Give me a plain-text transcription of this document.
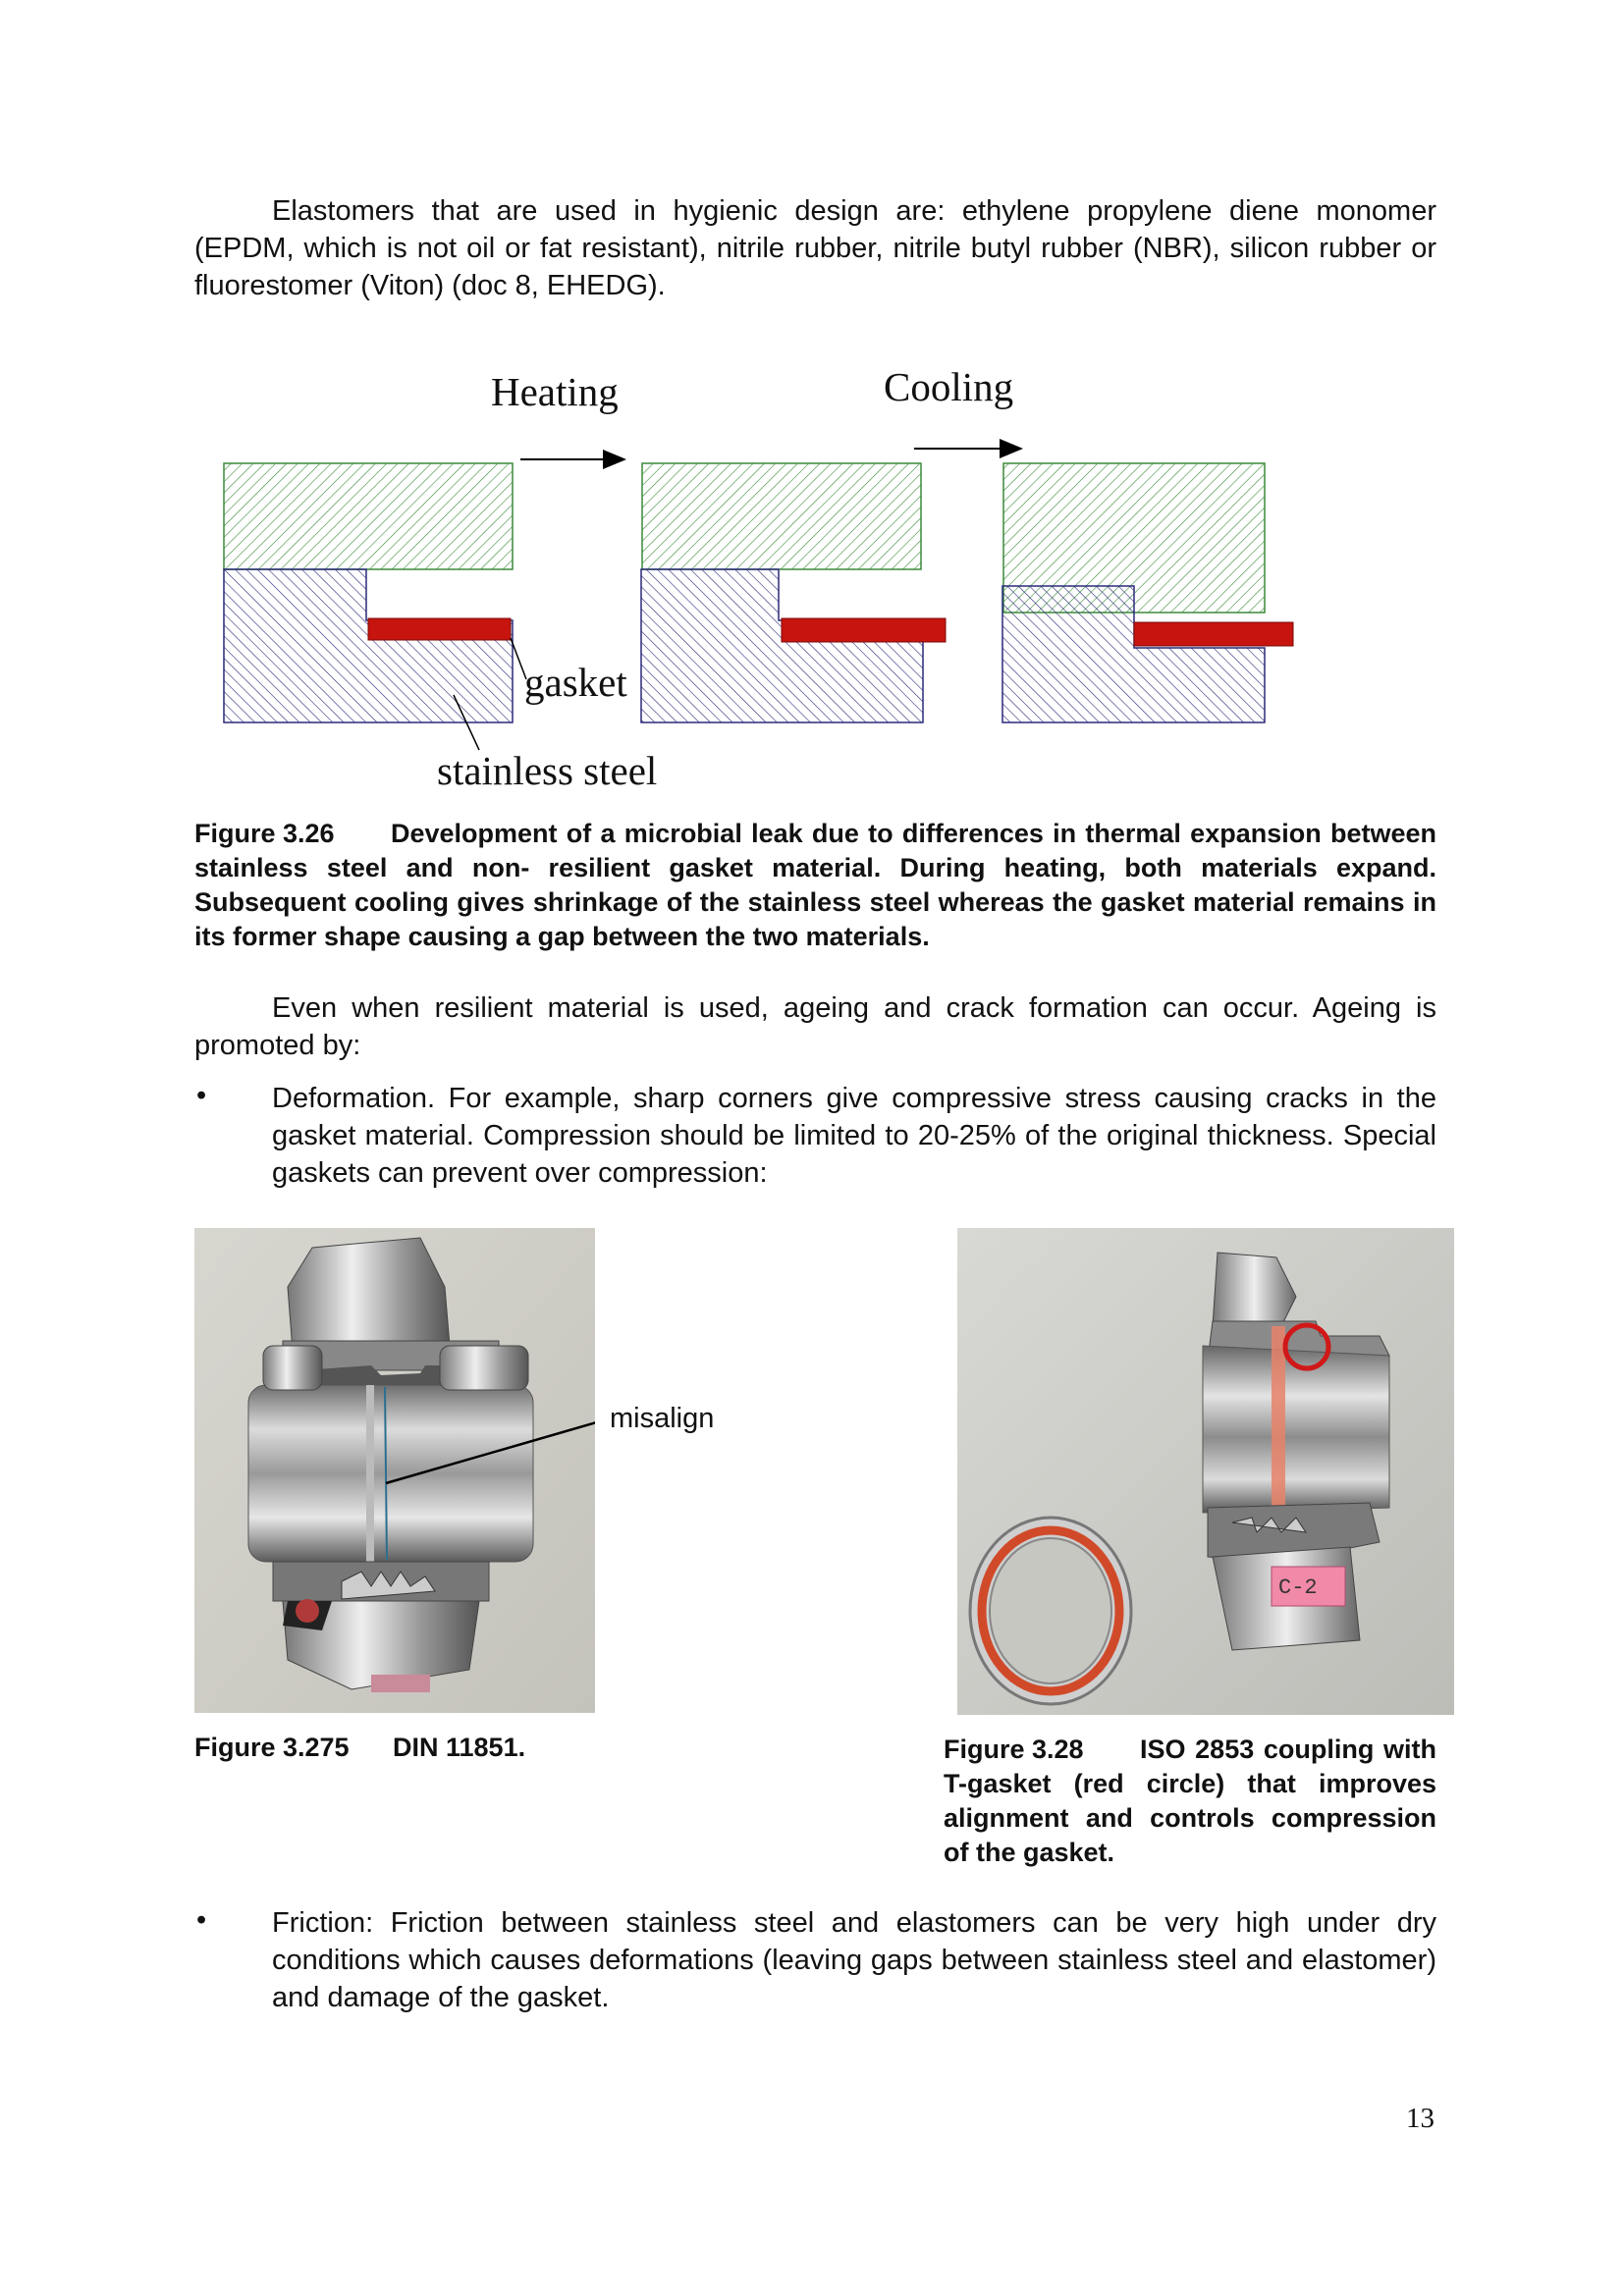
Elastomers that are used in hygienic design are: ethylene propylene diene monomer (EPDM, which is not oil or fat resistant), nitrile rubber, nitrile butyl rubber (NBR), silicon rubber or fluorestomer (Viton) (doc 8, EHEDG).
Heating	Cooling
gasket
stainless steel
Figure 3.26 Development of a microbial leak due to differences in thermal expansion between stainless steel and non- resilient gasket material. During heating, both materials expand. Subsequent cooling gives shrinkage of the stainless steel whereas the gasket material remains in its former shape causing a gap between the two materials.
Even when resilient material is used, ageing and crack formation can occur. Ageing is promoted by:
• Deformation. For example, sharp corners give compressive stress causing cracks in the gasket material. Compression should be limited to 20-25% of the original thickness. Special gaskets can prevent over compression:
misalign
C-2
Figure 3.275 DIN 11851.	Figure 3.28 ISO 2853 coupling with T-gasket (red circle) that improves alignment and controls compression of the gasket.
• Friction: Friction between stainless steel and elastomers can be very high under dry conditions which causes deformations (leaving gaps between stainless steel and elastomer) and damage of the gasket.
13
